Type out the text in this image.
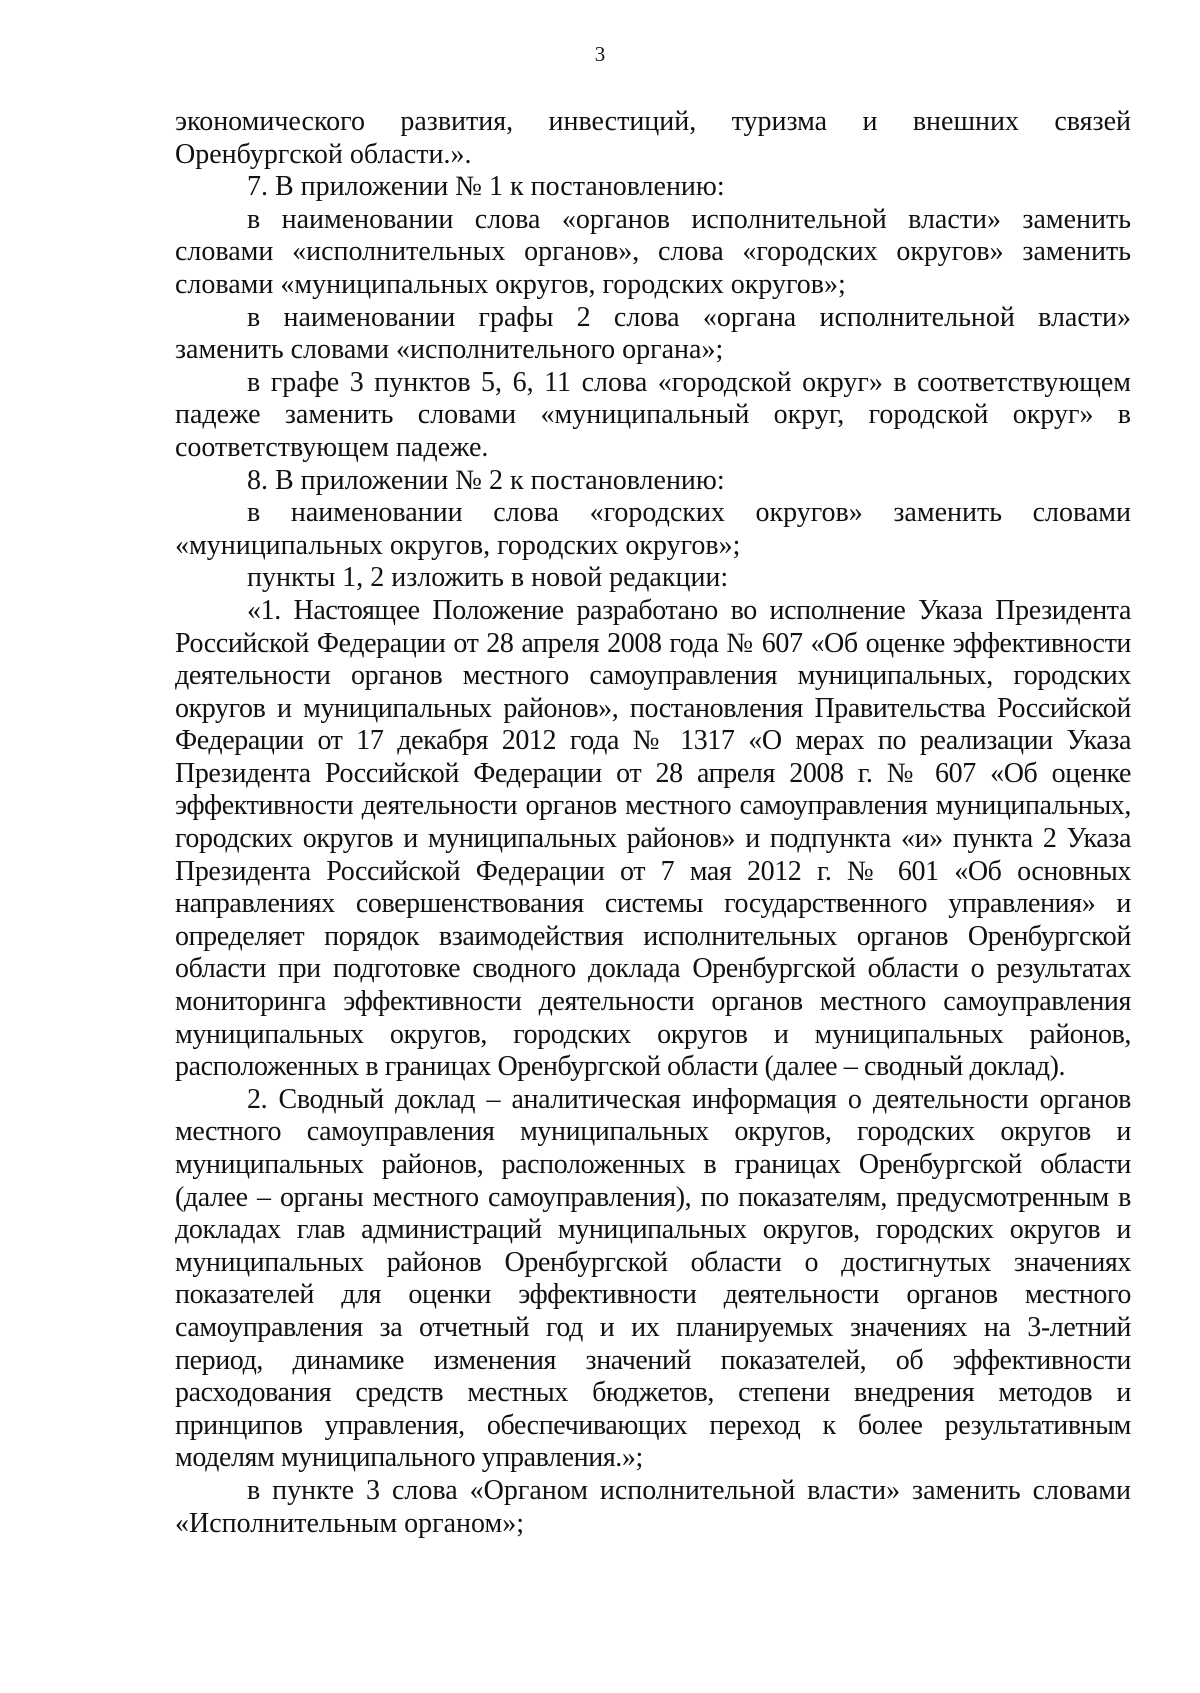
3

экономического развития, инвестиций, туризма и внешних связей Оренбургской области.».

7. В приложении № 1 к постановлению:

в наименовании слова «органов исполнительной власти» заменить словами «исполнительных органов», слова «городских округов» заменить словами «муниципальных округов, городских округов»;

в наименовании графы 2 слова «органа исполнительной власти» заменить словами «исполнительного органа»;

в графе 3 пунктов 5, 6, 11 слова «городской округ» в соответствующем падеже заменить словами «муниципальный округ, городской округ» в соответствующем падеже.

8. В приложении № 2 к постановлению:

в наименовании слова «городских округов» заменить словами «муниципальных округов, городских округов»;

пункты 1, 2 изложить в новой редакции:

«1. Настоящее Положение разработано во исполнение Указа Президента Российской Федерации от 28 апреля 2008 года № 607 «Об оценке эффективности деятельности органов местного самоуправления муниципальных, городских округов и муниципальных районов», постановления Правительства Российской Федерации от 17 декабря 2012 года № 1317 «О мерах по реализации Указа Президента Российской Федерации от 28 апреля 2008 г. № 607 «Об оценке эффективности деятельности органов местного самоуправления муниципальных, городских округов и муниципальных районов» и подпункта «и» пункта 2 Указа Президента Российской Федерации от 7 мая 2012 г. № 601 «Об основных направлениях совершенствования системы государственного управления» и определяет порядок взаимодействия исполнительных органов Оренбургской области при подготовке сводного доклада Оренбургской области о результатах мониторинга эффективности деятельности органов местного самоуправления муниципальных округов, городских округов и муниципальных районов, расположенных в границах Оренбургской области (далее – сводный доклад).

2. Сводный доклад – аналитическая информация о деятельности органов местного самоуправления муниципальных округов, городских округов и муниципальных районов, расположенных в границах Оренбургской области (далее – органы местного самоуправления), по показателям, предусмотренным в докладах глав администраций муниципальных округов, городских округов и муниципальных районов Оренбургской области о достигнутых значениях показателей для оценки эффективности деятельности органов местного самоуправления за отчетный год и их планируемых значениях на 3-летний период, динамике изменения значений показателей, об эффективности расходования средств местных бюджетов, степени внедрения методов и принципов управления, обеспечивающих переход к более результативным моделям муниципального управления.»;

в пункте 3 слова «Органом исполнительной власти» заменить словами «Исполнительным органом»;
